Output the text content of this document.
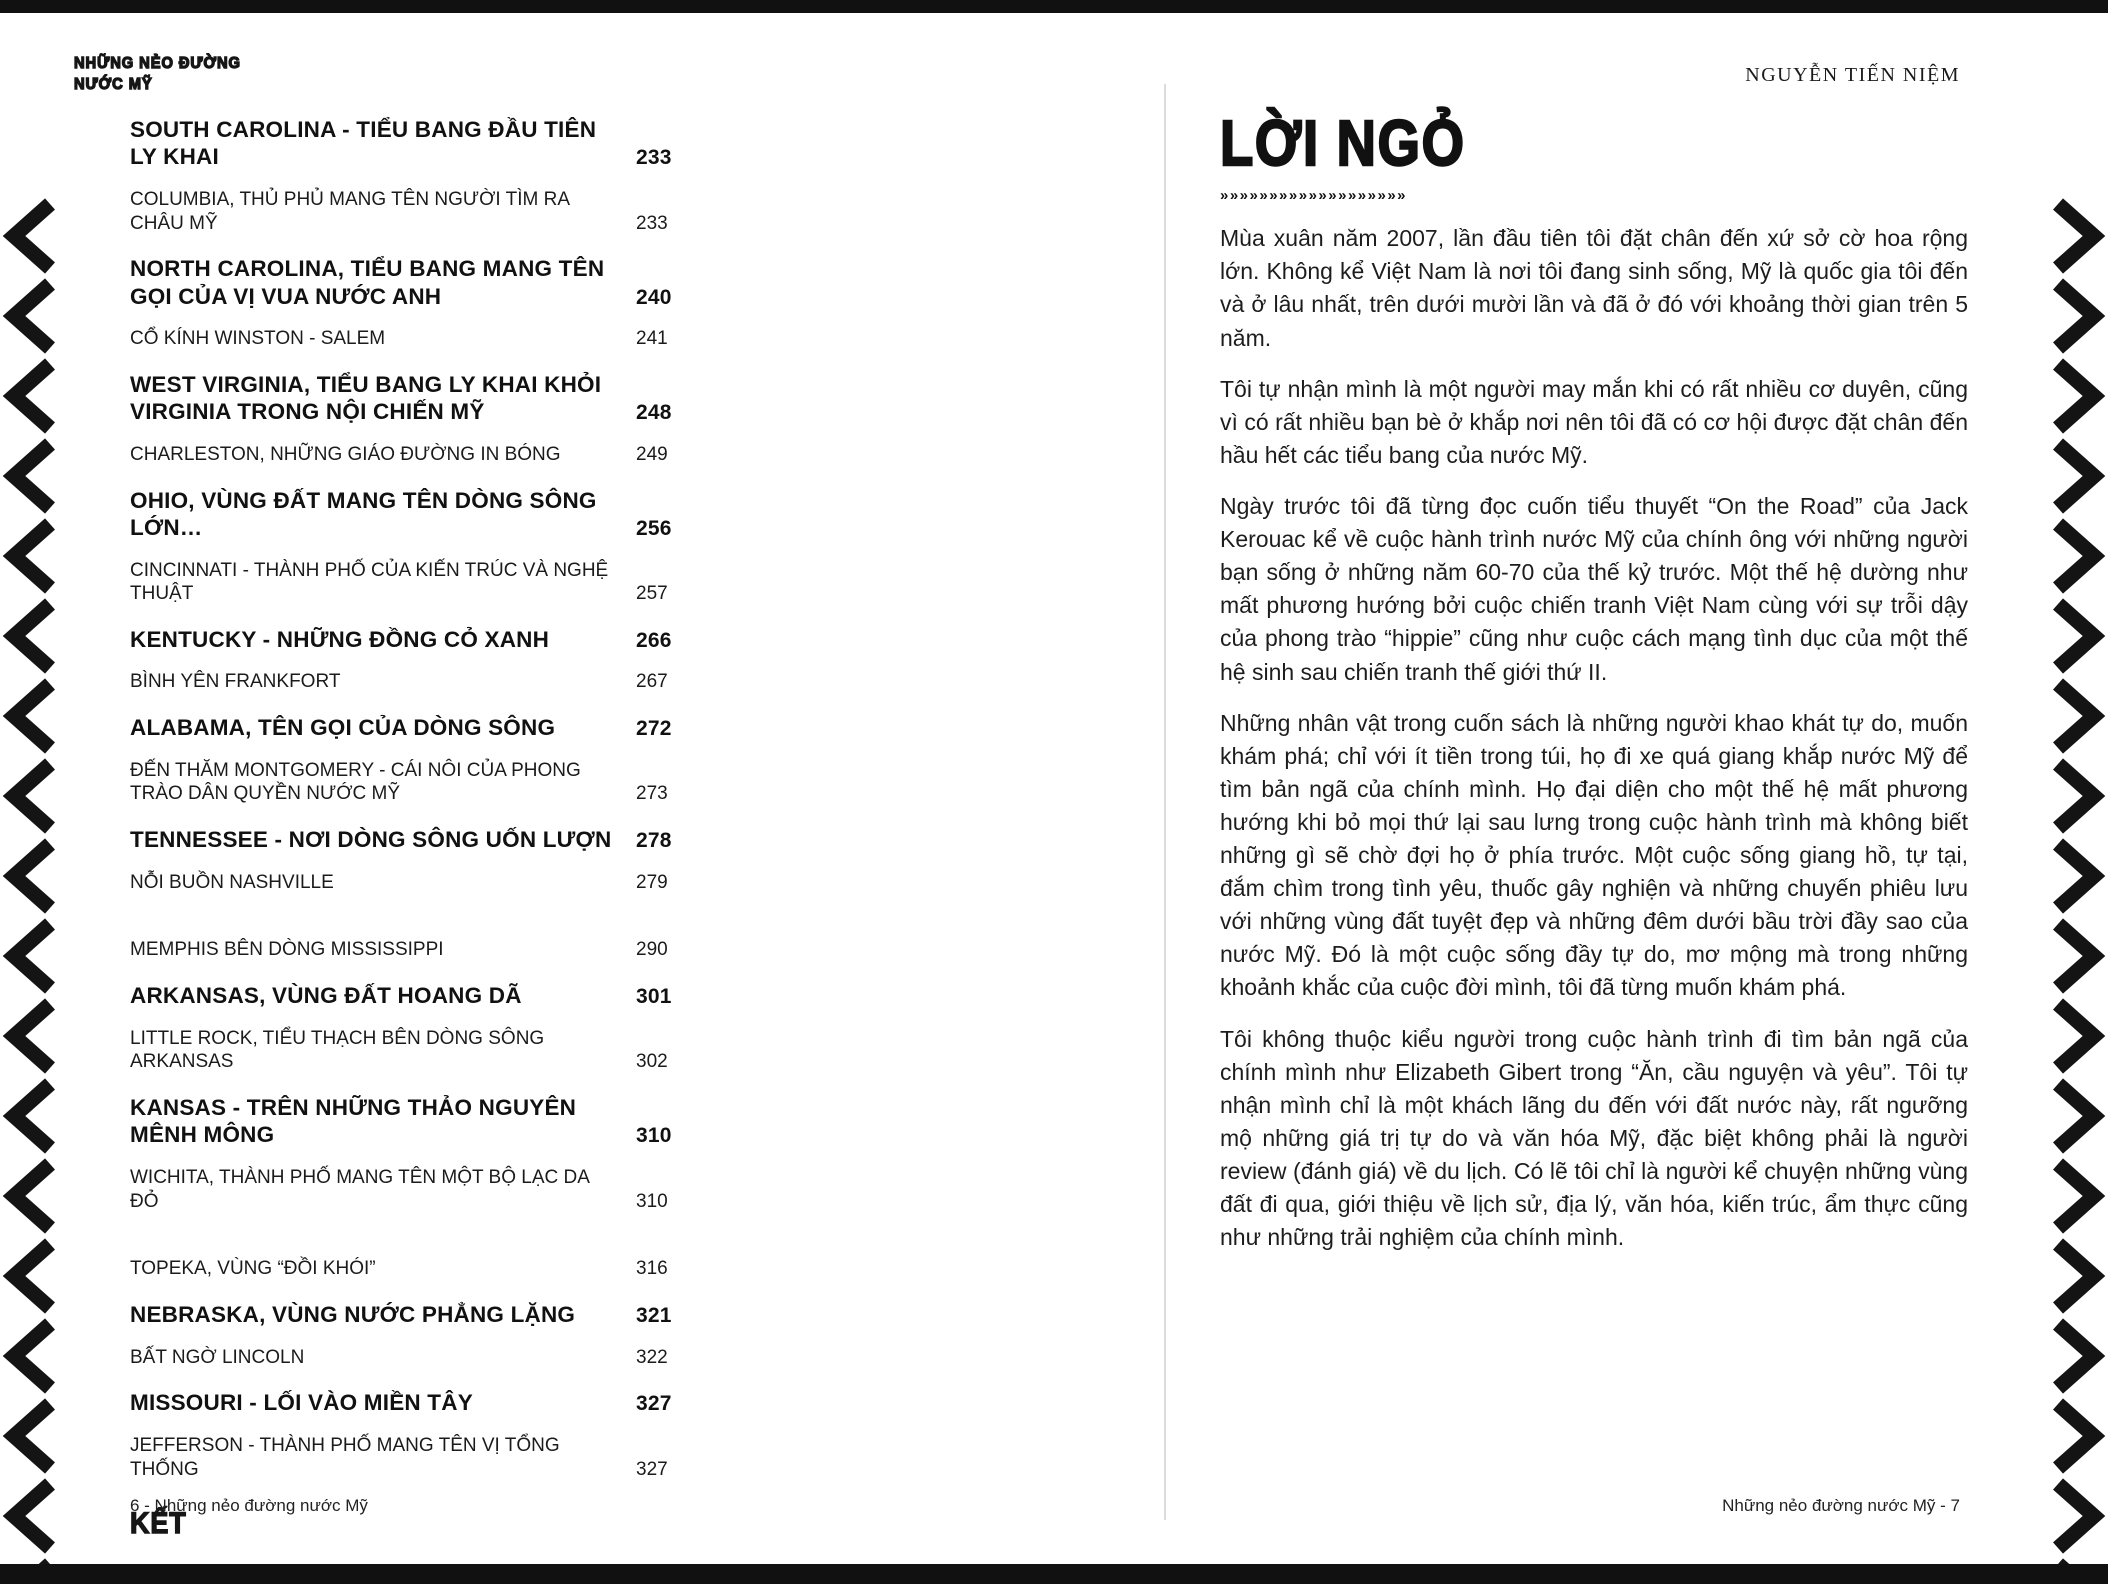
NHỮNG NẺO ĐƯỜNG
NƯỚC MỸ	NGUYỄN TIẾN NIỆM
SOUTH CAROLINA - TIỂU BANG ĐẦU TIÊN LY KHAI	233
COLUMBIA, THỦ PHỦ MANG TÊN NGƯỜI TÌM RA CHÂU MỸ	233
NORTH CAROLINA, TIỂU BANG MANG TÊN GỌI CỦA VỊ VUA NƯỚC ANH	240
CỔ KÍNH WINSTON - SALEM	241
WEST VIRGINIA, TIỂU BANG LY KHAI KHỎI VIRGINIA TRONG NỘI CHIẾN MỸ	248
CHARLESTON, NHỮNG GIÁO ĐƯỜNG IN BÓNG	249
OHIO, VÙNG ĐẤT MANG TÊN DÒNG SÔNG LỚN…	256
CINCINNATI - THÀNH PHỐ CỦA KIẾN TRÚC VÀ NGHỆ THUẬT	257
KENTUCKY - NHỮNG ĐỒNG CỎ XANH	266
BÌNH YÊN FRANKFORT	267
ALABAMA, TÊN GỌI CỦA DÒNG SÔNG	272
ĐẾN THĂM MONTGOMERY - CÁI NÔI CỦA PHONG TRÀO DÂN QUYỀN NƯỚC MỸ	273
TENNESSEE - NƠI DÒNG SÔNG UỐN LƯỢN	278
NỖI BUỒN NASHVILLE	279
MEMPHIS BÊN DÒNG MISSISSIPPI	290
ARKANSAS, VÙNG ĐẤT HOANG DÃ	301
LITTLE ROCK, TIỂU THẠCH BÊN DÒNG SÔNG ARKANSAS	302
KANSAS - TRÊN NHỮNG THẢO NGUYÊN MÊNH MÔNG	310
WICHITA, THÀNH PHỐ MANG TÊN MỘT BỘ LẠC DA ĐỎ	310
TOPEKA, VÙNG “ĐỒI KHÓI”	316
NEBRASKA, VÙNG NƯỚC PHẲNG LẶNG	321
BẤT NGỜ LINCOLN	322
MISSOURI - LỐI VÀO MIỀN TÂY	327
JEFFERSON - THÀNH PHỐ MANG TÊN VỊ TỔNG THỐNG	327
KẾT
6 - Những nẻo đường nước Mỹ
LỜI NGỎ
»»»»»»»»»»»»»»»»»»»

Mùa xuân năm 2007, lần đầu tiên tôi đặt chân đến xứ sở cờ hoa rộng lớn. Không kể Việt Nam là nơi tôi đang sinh sống, Mỹ là quốc gia tôi đến và ở lâu nhất, trên dưới mười lần và đã ở đó với khoảng thời gian trên 5 năm.

Tôi tự nhận mình là một người may mắn khi có rất nhiều cơ duyên, cũng vì có rất nhiều bạn bè ở khắp nơi nên tôi đã có cơ hội được đặt chân đến hầu hết các tiểu bang của nước Mỹ.

Ngày trước tôi đã từng đọc cuốn tiểu thuyết “On the Road” của Jack Kerouac kể về cuộc hành trình nước Mỹ của chính ông với những người bạn sống ở những năm 60-70 của thế kỷ trước. Một thế hệ dường như mất phương hướng bởi cuộc chiến tranh Việt Nam cùng với sự trỗi dậy của phong trào “hippie” cũng như cuộc cách mạng tình dục của một thế hệ sinh sau chiến tranh thế giới thứ II.

Những nhân vật trong cuốn sách là những người khao khát tự do, muốn khám phá; chỉ với ít tiền trong túi, họ đi xe quá giang khắp nước Mỹ để tìm bản ngã của chính mình. Họ đại diện cho một thế hệ mất phương hướng khi bỏ mọi thứ lại sau lưng trong cuộc hành trình mà không biết những gì sẽ chờ đợi họ ở phía trước. Một cuộc sống giang hồ, tự tại, đắm chìm trong tình yêu, thuốc gây nghiện và những chuyến phiêu lưu với những vùng đất tuyệt đẹp và những đêm dưới bầu trời đầy sao của nước Mỹ. Đó là một cuộc sống đầy tự do, mơ mộng mà trong những khoảnh khắc của cuộc đời mình, tôi đã từng muốn khám phá.

Tôi không thuộc kiểu người trong cuộc hành trình đi tìm bản ngã của chính mình như Elizabeth Gibert trong “Ăn, cầu nguyện và yêu”. Tôi tự nhận mình chỉ là một khách lãng du đến với đất nước này, rất ngưỡng mộ những giá trị tự do và văn hóa Mỹ, đặc biệt không phải là người review (đánh giá) về du lịch. Có lẽ tôi chỉ là người kể chuyện những vùng đất đi qua, giới thiệu về lịch sử, địa lý, văn hóa, kiến trúc, ẩm thực cũng như những trải nghiệm của chính mình.

Những nẻo đường nước Mỹ - 7
